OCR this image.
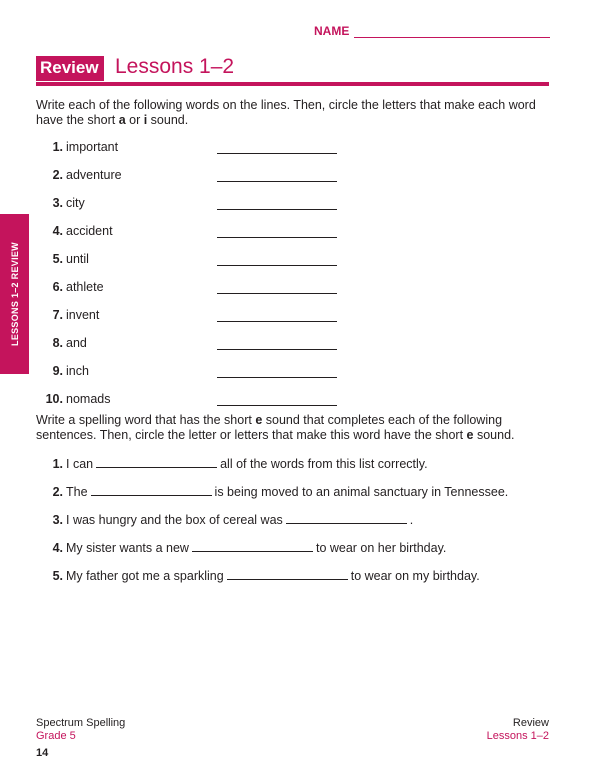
NAME
Review Lessons 1–2
LESSONS 1–2 REVIEW
Write each of the following words on the lines. Then, circle the letters that make each word have the short a or i sound.
1. important
2. adventure
3. city
4. accident
5. until
6. athlete
7. invent
8. and
9. inch
10. nomads
Write a spelling word that has the short e sound that completes each of the following sentences. Then, circle the letter or letters that make this word have the short e sound.
1. I can	all of the words from this list correctly.
2. The	is being moved to an animal sanctuary in Tennessee.
3. I was hungry and the box of cereal was	.
4. My sister wants a new	to wear on her birthday.
5. My father got me a sparkling	to wear on my birthday.
Spectrum Spelling
Grade 5
14
Review
Lessons 1–2
